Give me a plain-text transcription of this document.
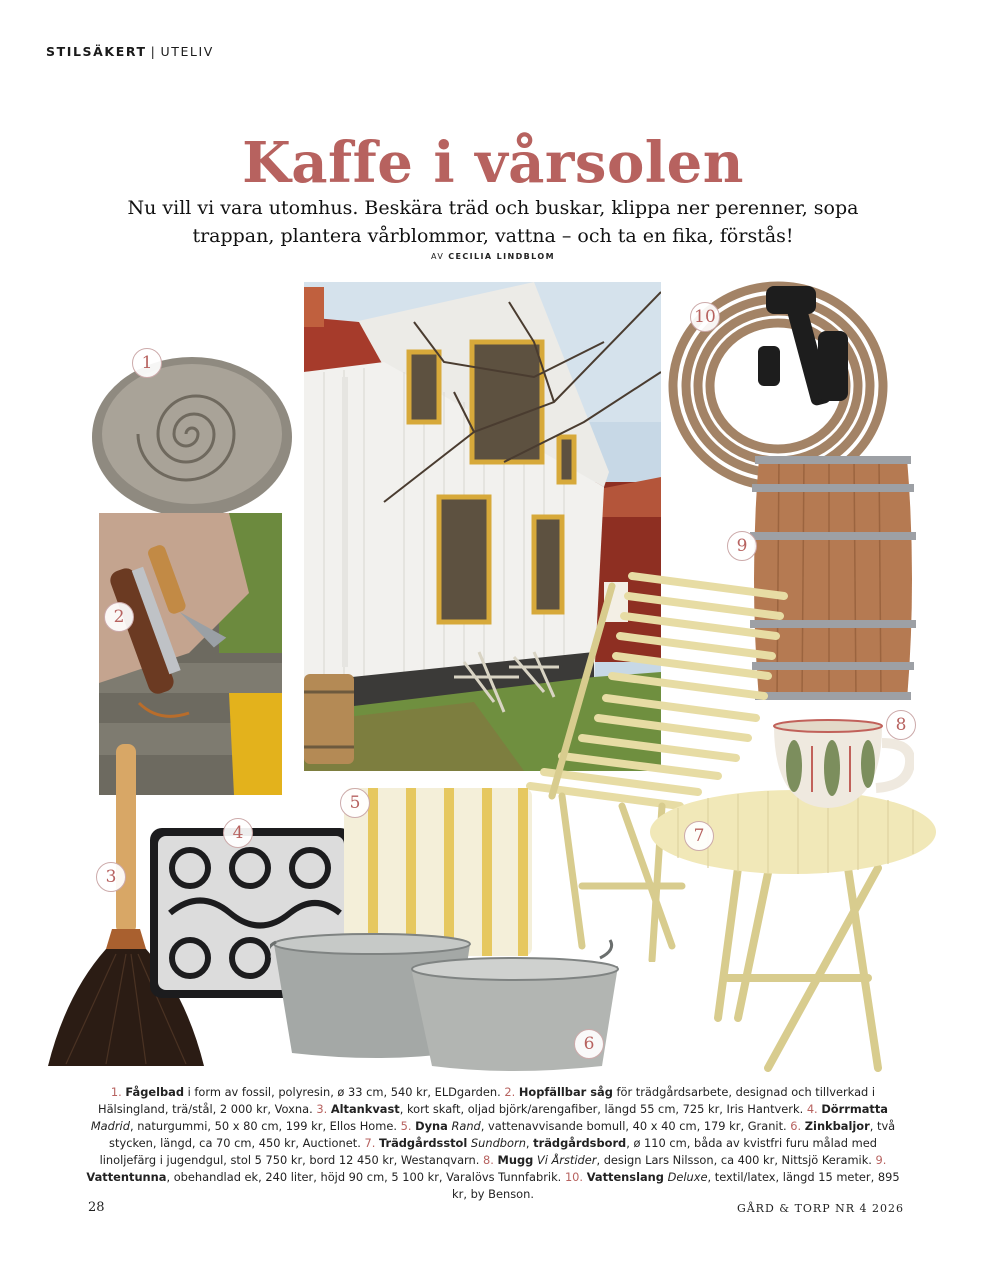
STILSÄKERT | UTELIV
Kaffe i vårsolen

Nu vill vi vara utomhus. Beskära träd och buskar, klippa ner perenner, sopa trappan, plantera vårblommor, vattna – och ta en fika, förstås!

AV CECILIA LINDBLOM
1
2
3
4
5
6
7
8
9
10
1. Fågelbad i form av fossil, polyresin, ø 33 cm, 540 kr, ELDgarden. 2. Hopfällbar såg för trädgårdsarbete, designad och tillverkad i Hälsingland, trä/stål, 2 000 kr, Voxna. 3. Altankvast, kort skaft, oljad björk/arengafiber, längd 55 cm, 725 kr, Iris Hantverk. 4. Dörrmatta Madrid, naturgummi, 50 x 80 cm, 199 kr, Ellos Home. 5. Dyna Rand, vattenavvisande bomull, 40 x 40 cm, 179 kr, Granit. 6. Zinkbaljor, två stycken, längd, ca 70 cm, 450 kr, Auctionet. 7. Trädgårdsstol Sundborn, trädgårdsbord, ø 110 cm, båda av kvistfri furu målad med linoljefärg i jugendgul, stol 5 750 kr, bord 12 450 kr, Westanqvarn. 8. Mugg Vi Årstider, design Lars Nilsson, ca 400 kr, Nittsjö Keramik. 9. Vattentunna, obehandlad ek, 240 liter, höjd 90 cm, 5 100 kr, Varalövs Tunnfabrik. 10. Vattenslang Deluxe, textil/latex, längd 15 meter, 895 kr, by Benson.
28	GÅRD & TORP NR 4 2026
